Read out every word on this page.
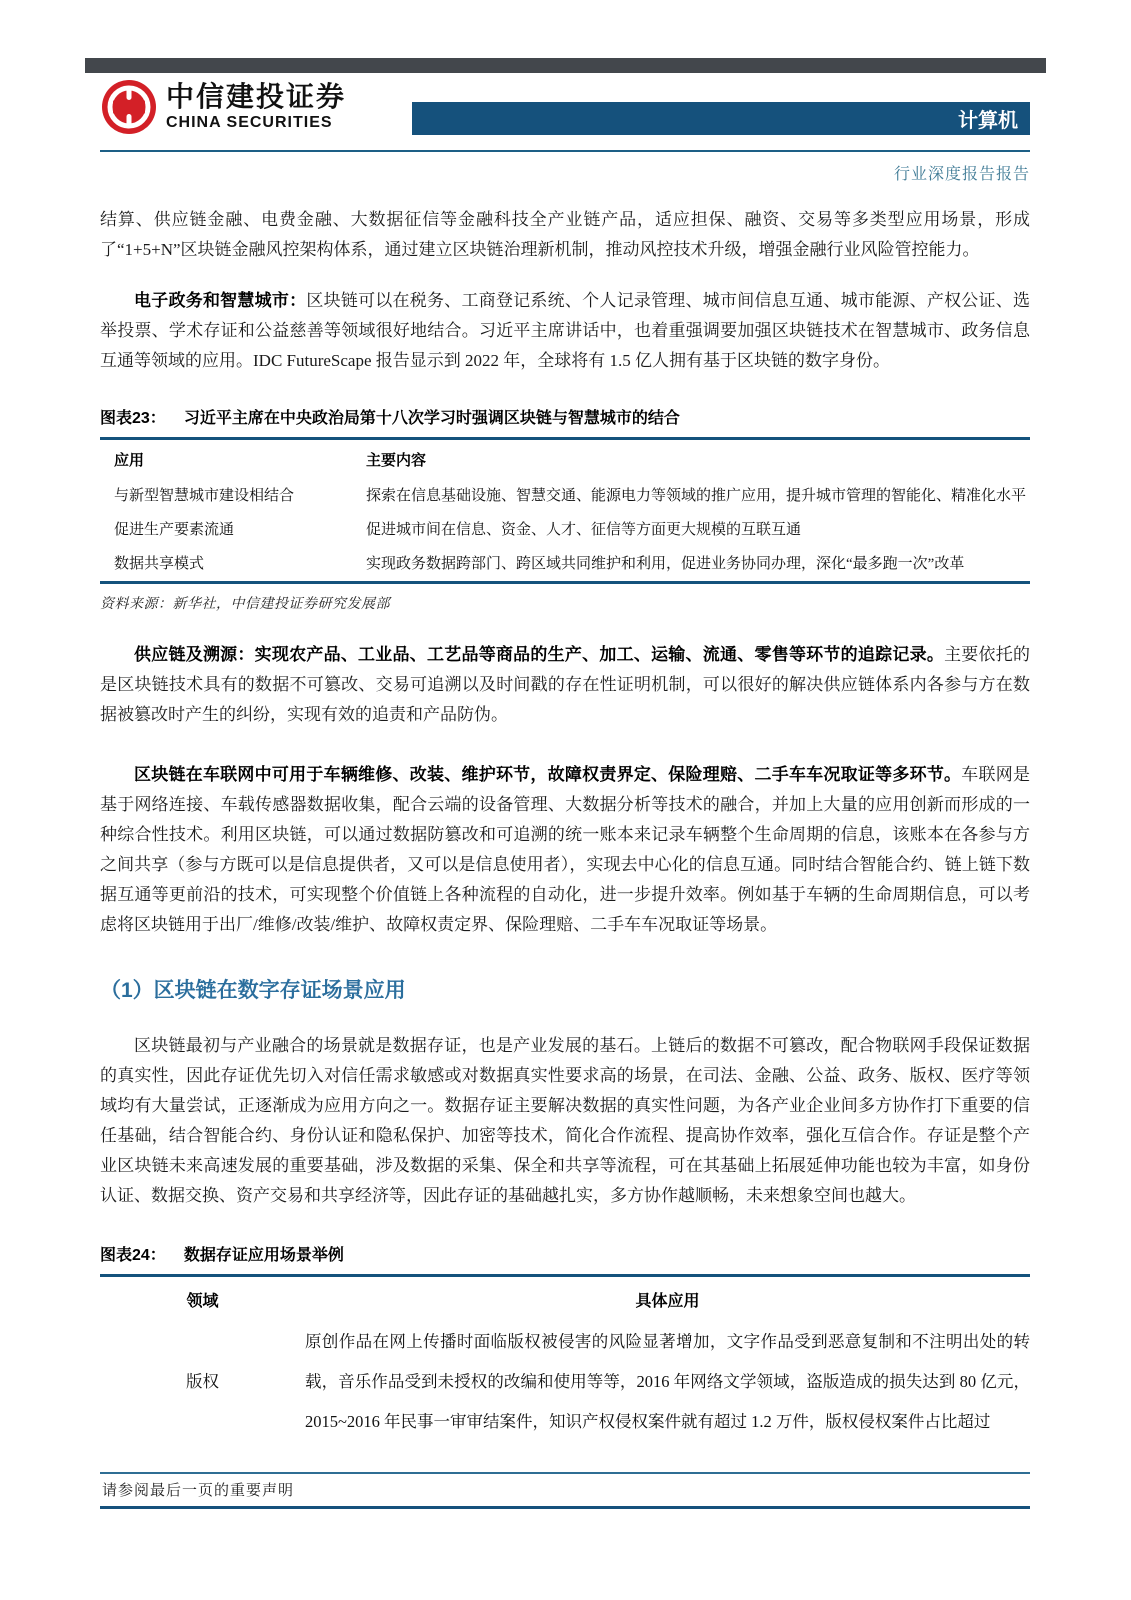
中信建投证券
CHINA SECURITIES	计算机
行业深度报告报告

结算、供应链金融、电费金融、大数据征信等金融科技全产业链产品，适应担保、融资、交易等多类型应用场景，形成了“1+5+N”区块链金融风控架构体系，通过建立区块链治理新机制，推动风控技术升级，增强金融行业风险管控能力。

电子政务和智慧城市：区块链可以在税务、工商登记系统、个人记录管理、城市间信息互通、城市能源、产权公证、选举投票、学术存证和公益慈善等领域很好地结合。习近平主席讲话中，也着重强调要加强区块链技术在智慧城市、政务信息互通等领域的应用。IDC FutureScape 报告显示到 2022 年，全球将有 1.5 亿人拥有基于区块链的数字身份。

图表23： 习近平主席在中央政治局第十八次学习时强调区块链与智慧城市的结合
应用	主要内容
与新型智慧城市建设相结合	探索在信息基础设施、智慧交通、能源电力等领域的推广应用，提升城市管理的智能化、精准化水平
促进生产要素流通	促进城市间在信息、资金、人才、征信等方面更大规模的互联互通
数据共享模式	实现政务数据跨部门、跨区域共同维护和利用，促进业务协同办理，深化“最多跑一次”改革
资料来源：新华社，中信建投证券研究发展部

供应链及溯源：实现农产品、工业品、工艺品等商品的生产、加工、运输、流通、零售等环节的追踪记录。主要依托的是区块链技术具有的数据不可篡改、交易可追溯以及时间戳的存在性证明机制，可以很好的解决供应链体系内各参与方在数据被篡改时产生的纠纷，实现有效的追责和产品防伪。

区块链在车联网中可用于车辆维修、改装、维护环节，故障权责界定、保险理赔、二手车车况取证等多环节。车联网是基于网络连接、车载传感器数据收集，配合云端的设备管理、大数据分析等技术的融合，并加上大量的应用创新而形成的一种综合性技术。利用区块链，可以通过数据防篡改和可追溯的统一账本来记录车辆整个生命周期的信息，该账本在各参与方之间共享（参与方既可以是信息提供者，又可以是信息使用者），实现去中心化的信息互通。同时结合智能合约、链上链下数据互通等更前沿的技术，可实现整个价值链上各种流程的自动化，进一步提升效率。例如基于车辆的生命周期信息，可以考虑将区块链用于出厂/维修/改装/维护、故障权责定界、保险理赔、二手车车况取证等场景。

（1）区块链在数字存证场景应用

区块链最初与产业融合的场景就是数据存证，也是产业发展的基石。上链后的数据不可篡改，配合物联网手段保证数据的真实性，因此存证优先切入对信任需求敏感或对数据真实性要求高的场景，在司法、金融、公益、政务、版权、医疗等领域均有大量尝试，正逐渐成为应用方向之一。数据存证主要解决数据的真实性问题，为各产业企业间多方协作打下重要的信任基础，结合智能合约、身份认证和隐私保护、加密等技术，简化合作流程、提高协作效率，强化互信合作。存证是整个产业区块链未来高速发展的重要基础，涉及数据的采集、保全和共享等流程，可在其基础上拓展延伸功能也较为丰富，如身份认证、数据交换、资产交易和共享经济等，因此存证的基础越扎实，多方协作越顺畅，未来想象空间也越大。

图表24： 数据存证应用场景举例
领域	具体应用
版权	原创作品在网上传播时面临版权被侵害的风险显著增加，文字作品受到恶意复制和不注明出处的转载，音乐作品受到未授权的改编和使用等等，2016 年网络文学领域，盗版造成的损失达到 80 亿元，2015~2016 年民事一审审结案件，知识产权侵权案件就有超过 1.2 万件，版权侵权案件占比超过
请参阅最后一页的重要声明
